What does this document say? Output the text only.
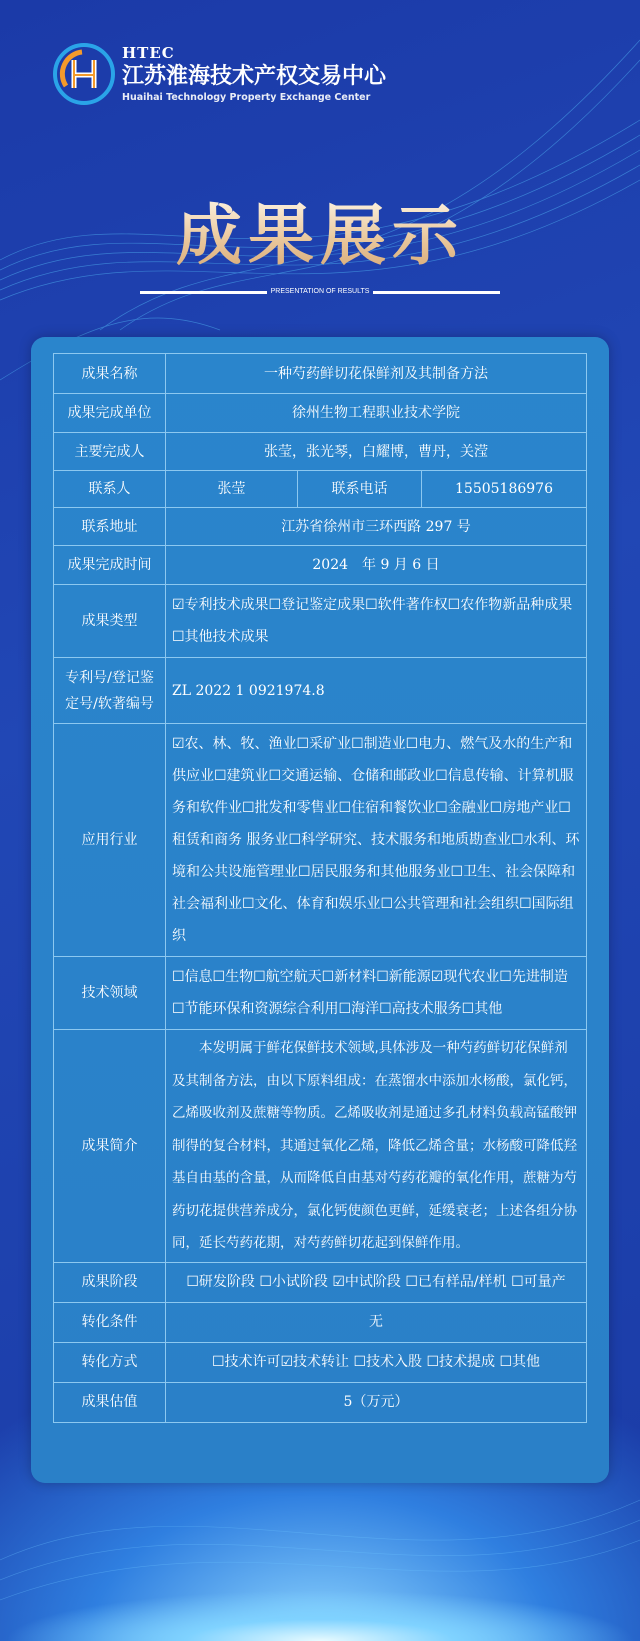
HTEC
江苏淮海技术产权交易中心
Huaihai Technology Property Exchange Center
成果展示
PRESENTATION OF RESULTS
成果名称	一种芍药鲜切花保鲜剂及其制备方法		
成果完成单位	徐州生物工程职业技术学院		
主要完成人	张莹，张光琴，白耀博，曹丹，关滢		
联系人	张莹	联系电话	15505186976
联系地址	江苏省徐州市三环西路 297 号		
成果完成时间	2024　年 9 月 6 日		
成果类型	☑专利技术成果☐登记鉴定成果☐软件著作权☐农作物新品种成果☐其他技术成果		
专利号/登记鉴定号/软著编号	ZL 2022 1 0921974.8		
应用行业	☑农、林、牧、渔业☐采矿业☐制造业☐电力、燃气及水的生产和供应业☐建筑业☐交通运输、仓储和邮政业☐信息传输、计算机服务和软件业☐批发和零售业☐住宿和餐饮业☐金融业☐房地产业☐租赁和商务 服务业☐科学研究、技术服务和地质勘查业☐水利、环境和公共设施管理业☐居民服务和其他服务业☐卫生、社会保障和社会福利业☐文化、体育和娱乐业☐公共管理和社会组织☐国际组织		
技术领域	☐信息☐生物☐航空航天☐新材料☐新能源☑现代农业☐先进制造☐节能环保和资源综合利用☐海洋☐高技术服务☐其他		
成果简介	本发明属于鲜花保鲜技术领域,具体涉及一种芍药鲜切花保鲜剂及其制备方法，由以下原料组成：在蒸馏水中添加水杨酸，氯化钙，乙烯吸收剂及蔗糖等物质。乙烯吸收剂是通过多孔材料负载高锰酸钾制得的复合材料，其通过氧化乙烯，降低乙烯含量；水杨酸可降低羟基自由基的含量，从而降低自由基对芍药花瓣的氧化作用，蔗糖为芍药切花提供营养成分，氯化钙使颜色更鲜，延缓衰老；上述各组分协同，延长芍药花期，对芍药鲜切花起到保鲜作用。		
成果阶段	☐研发阶段 ☐小试阶段 ☑中试阶段 ☐已有样品/样机 ☐可量产		
转化条件	无		
转化方式	☐技术许可☑技术转让 ☐技术入股 ☐技术提成 ☐其他		
成果估值	5（万元）		
